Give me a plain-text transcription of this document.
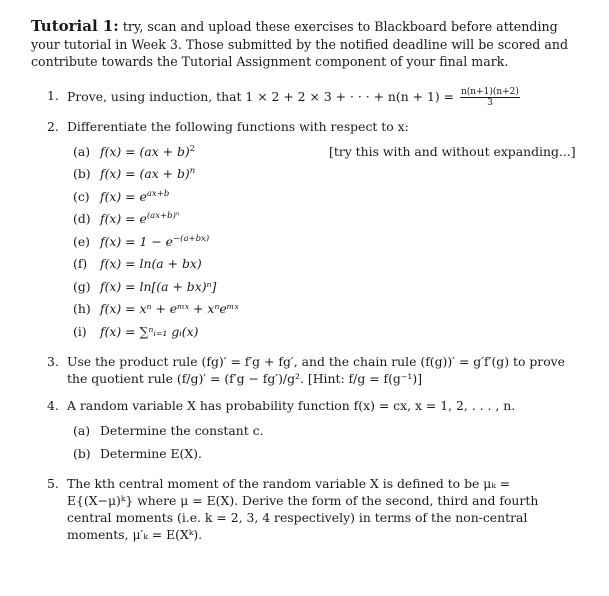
Tutorial 1: try, scan and upload these exercises to Blackboard before attending your tutorial in Week 3. Those submitted by the notified deadline will be scored and contribute towards the Tutorial Assignment component of your final mark.

1. Prove, using induction, that 1 × 2 + 2 × 3 + · · · + $n(n + 1) = \frac{n(n+1)(n+2)}{3}$
2. Differentiate the following functions with respect to x:
(a) f(x) = (ax + b)$^2$	[try this with and without expanding...]
(b) f(x) = (ax + b)$^n$
(c) $f(x) = e^{ax+b}$
(d) $f(x) = e^{(ax+b)^n}$
(e) $f(x) = 1 - e^{-(a+bx)}$
(f) f(x) = ln(a + bx)
(g) f(x) = ln[(a + bx)ⁿ]
(h) f(x) = xⁿ + eᵐˣ + xⁿeᵐˣ
(i) f(x) = ∑ⁿᵢ₌₁ gᵢ(x)
3. Use the product rule (fg)′ = f′g + fg′, and the chain rule (f(g))′ = g′f′(g) to prove the quotient rule (f/g)′ = (f′g − fg′)/g². [Hint: f/g = f(g⁻¹)]
4. A random variable X has probability function f(x) = cx, x = 1, 2, . . . , n.
(a) Determine the constant c.
(b) Determine E(X).
5. The kth central moment of the random variable X is defined to be μₖ = E{(X−μ)ᵏ} where μ = E(X). Derive the form of the second, third and fourth central moments (i.e. k = 2, 3, 4 respectively) in terms of the non-central moments, μ′ₖ = E(Xᵏ).
